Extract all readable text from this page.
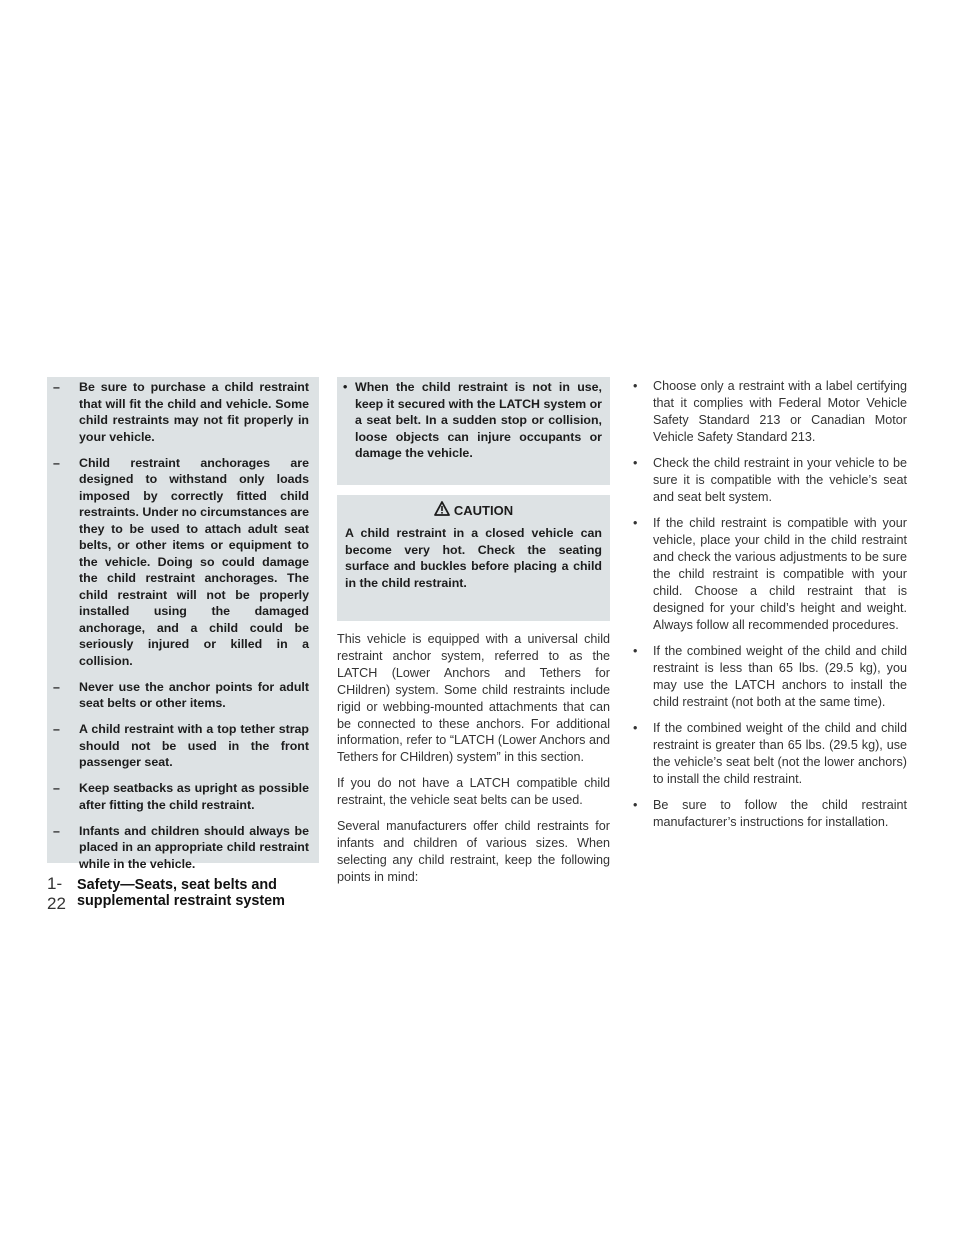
– Be sure to purchase a child restraint that will fit the child and vehicle. Some child restraints may not fit properly in your vehicle.
– Child restraint anchorages are designed to withstand only loads imposed by correctly fitted child restraints. Under no circumstances are they to be used to attach adult seat belts, or other items or equipment to the vehicle. Doing so could damage the child restraint anchorages. The child restraint will not be properly installed using the damaged anchorage, and a child could be seriously injured or killed in a collision.
– Never use the anchor points for adult seat belts or other items.
– A child restraint with a top tether strap should not be used in the front passenger seat.
– Keep seatbacks as upright as possible after fitting the child restraint.
– Infants and children should always be placed in an appropriate child restraint while in the vehicle.
1-22
Safety—Seats, seat belts and supplemental restraint system
• When the child restraint is not in use, keep it secured with the LATCH system or a seat belt. In a sudden stop or collision, loose objects can injure occupants or damage the vehicle.
CAUTION
A child restraint in a closed vehicle can become very hot. Check the seating surface and buckles before placing a child in the child restraint.

This vehicle is equipped with a universal child restraint anchor system, referred to as the LATCH (Lower Anchors and Tethers for CHildren) system. Some child restraints include rigid or webbing-mounted attachments that can be connected to these anchors. For additional information, refer to “LATCH (Lower Anchors and Tethers for CHildren) system” in this section.

If you do not have a LATCH compatible child restraint, the vehicle seat belts can be used.

Several manufacturers offer child restraints for infants and children of various sizes. When selecting any child restraint, keep the following points in mind:

• Choose only a restraint with a label certifying that it complies with Federal Motor Vehicle Safety Standard 213 or Canadian Motor Vehicle Safety Standard 213.
• Check the child restraint in your vehicle to be sure it is compatible with the vehicle’s seat and seat belt system.
• If the child restraint is compatible with your vehicle, place your child in the child restraint and check the various adjustments to be sure the child restraint is compatible with your child. Choose a child restraint that is designed for your child’s height and weight. Always follow all recommended procedures.
• If the combined weight of the child and child restraint is less than 65 lbs. (29.5 kg), you may use the LATCH anchors to install the child restraint (not both at the same time).
• If the combined weight of the child and child restraint is greater than 65 lbs. (29.5 kg), use the vehicle’s seat belt (not the lower anchors) to install the child restraint.
• Be sure to follow the child restraint manufacturer’s instructions for installation.
